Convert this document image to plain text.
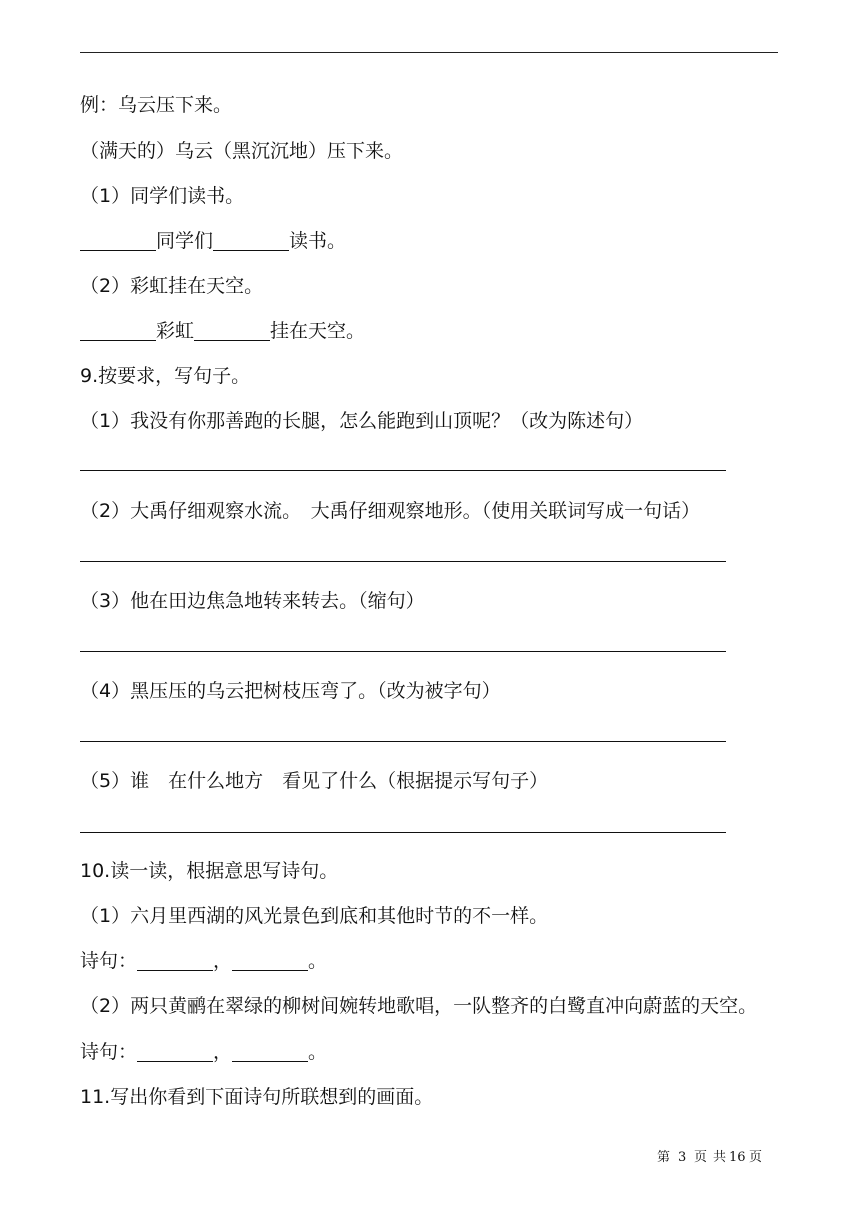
例：乌云压下来。
（满天的）乌云（黑沉沉地）压下来。
（1）同学们读书。
同学们	读书。
（2）彩虹挂在天空。
彩虹	挂在天空。
9.按要求，写句子。
（1）我没有你那善跑的长腿，怎么能跑到山顶呢？（改为陈述句）
（2）大禹仔细观察水流。　大禹仔细观察地形。（使用关联词写成一句话）
（3）他在田边焦急地转来转去。（缩句）
（4）黑压压的乌云把树枝压弯了。（改为被字句）
（5）谁　在什么地方　看见了什么（根据提示写句子）
10.读一读，根据意思写诗句。
（1）六月里西湖的风光景色到底和其他时节的不一样。
诗句：	，	。
（2）两只黄鹂在翠绿的柳树间婉转地歌唱，一队整齐的白鹭直冲向蔚蓝的天空。
诗句：	，	。
11.写出你看到下面诗句所联想到的画面。
第 3 页 共 16 页
